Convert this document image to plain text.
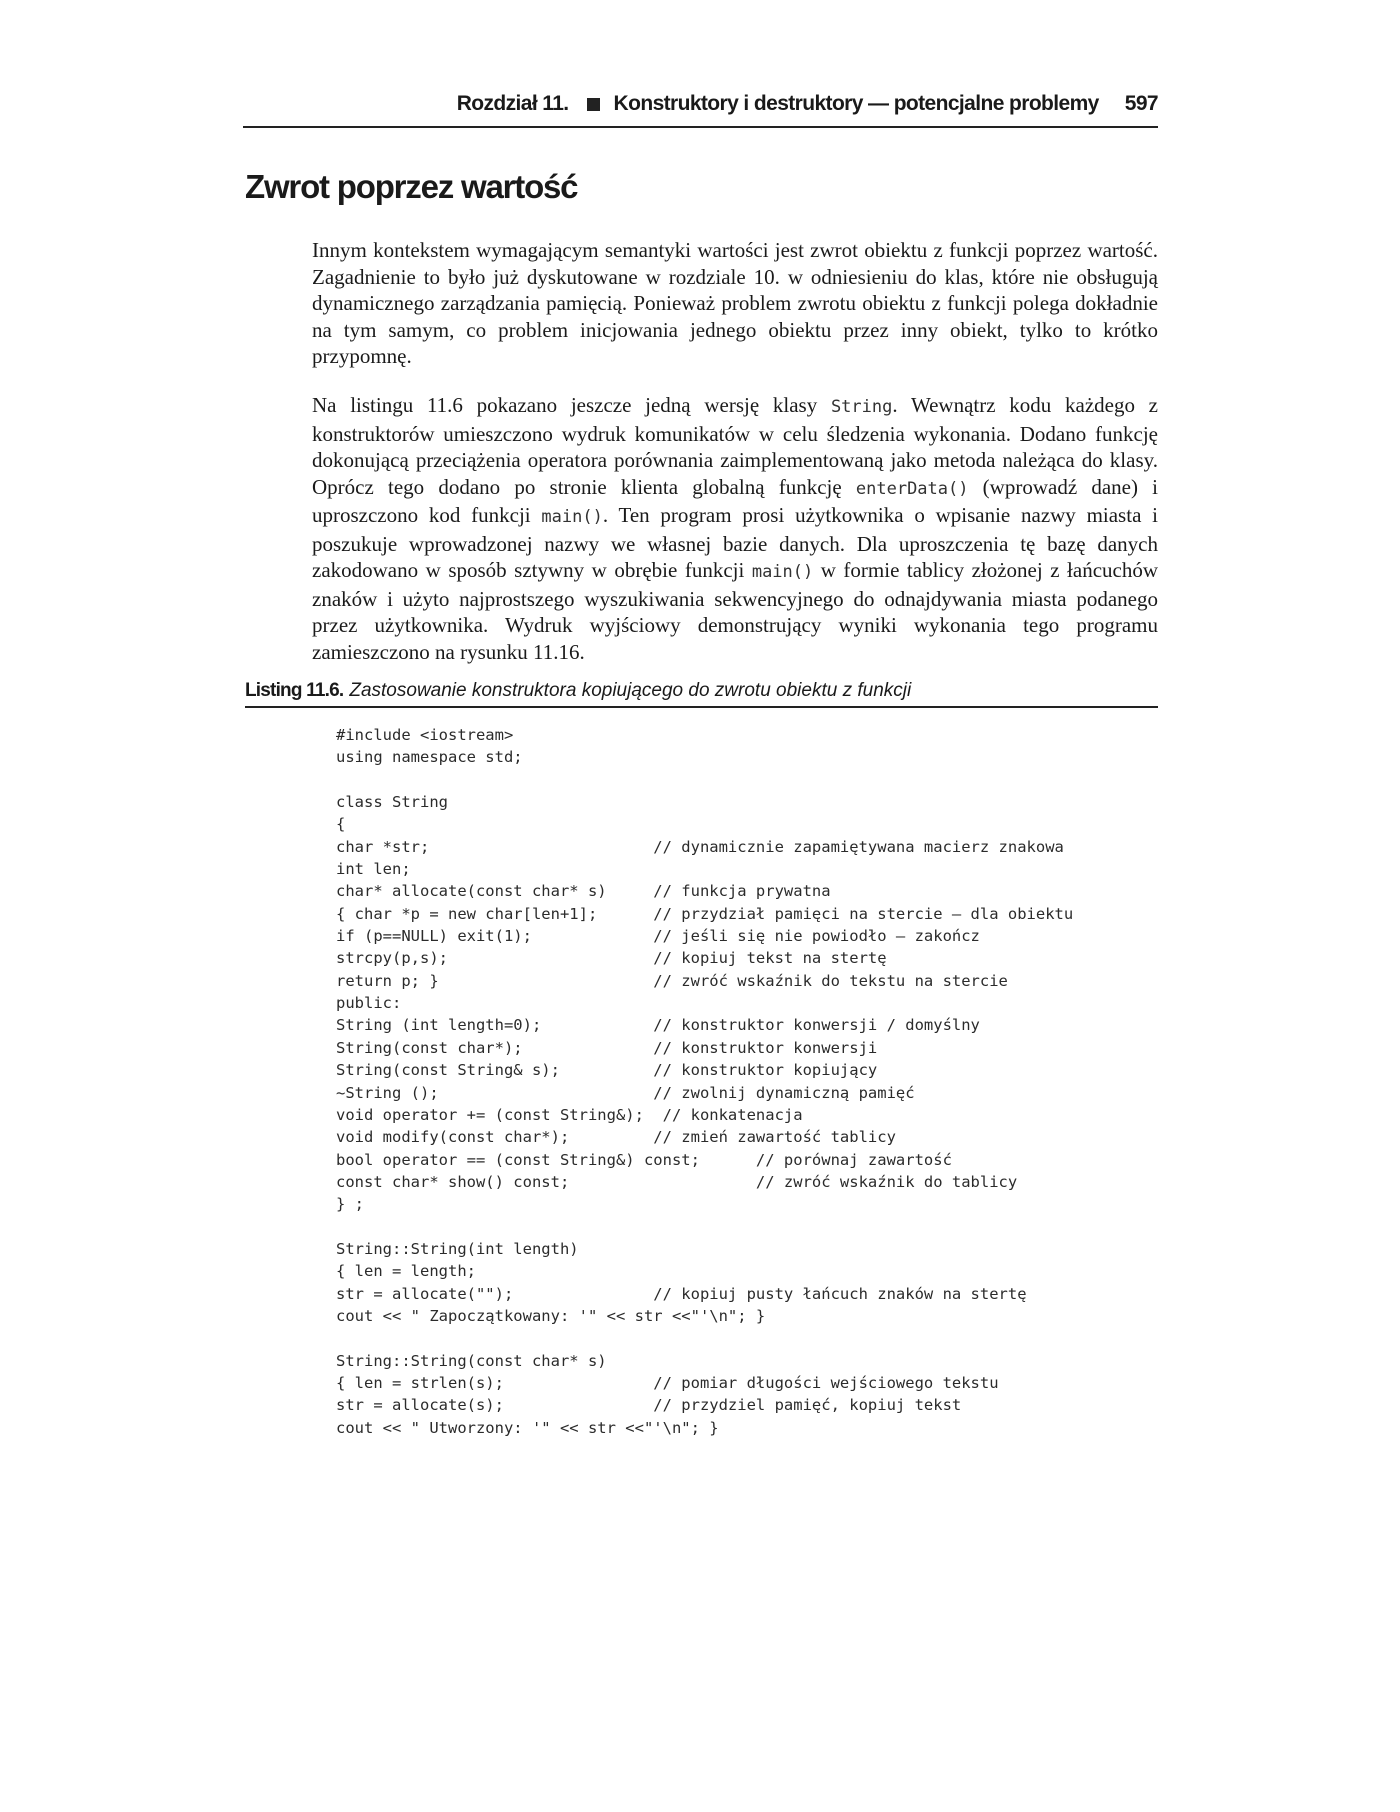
Rozdział 11. Konstruktory i destruktory — potencjalne problemy 597
Zwrot poprzez wartość

Innym kontekstem wymagającym semantyki wartości jest zwrot obiektu z funkcji poprzez wartość. Zagadnienie to było już dyskutowane w rozdziale 10. w odniesieniu do klas, które nie obsługują dynamicznego zarządzania pamięcią. Ponieważ problem zwrotu obiektu z funkcji polega dokładnie na tym samym, co problem inicjowania jednego obiektu przez inny obiekt, tylko to krótko przypomnę.

Na listingu 11.6 pokazano jeszcze jedną wersję klasy String. Wewnątrz kodu każdego z konstruktorów umieszczono wydruk komunikatów w celu śledzenia wykonania. Dodano funkcję dokonującą przeciążenia operatora porównania zaimplementowaną jako metoda należąca do klasy. Oprócz tego dodano po stronie klienta globalną funkcję enterData() (wprowadź dane) i uproszczono kod funkcji main(). Ten program prosi użytkownika o wpisanie nazwy miasta i poszukuje wprowadzonej nazwy we własnej bazie danych. Dla uproszczenia tę bazę danych zakodowano w sposób sztywny w obrębie funkcji main() w formie tablicy złożonej z łańcuchów znaków i użyto najprostszego wyszukiwania sekwencyjnego do odnajdywania miasta podanego przez użytkownika. Wydruk wyjściowy demonstrujący wyniki wykonania tego programu zamieszczono na rysunku 11.16.

Listing 11.6. Zastosowanie konstruktora kopiującego do zwrotu obiektu z funkcji
#include <iostream>
using namespace std;

class String
{
char *str;                        // dynamicznie zapamiętywana macierz znakowa
int len;
char* allocate(const char* s)     // funkcja prywatna
{ char *p = new char[len+1];      // przydział pamięci na stercie — dla obiektu
if (p==NULL) exit(1);             // jeśli się nie powiodło — zakończ
strcpy(p,s);                      // kopiuj tekst na stertę
return p; }                       // zwróć wskaźnik do tekstu na stercie
public:
String (int length=0);            // konstruktor konwersji / domyślny
String(const char*);              // konstruktor konwersji
String(const String& s);          // konstruktor kopiujący
~String ();                       // zwolnij dynamiczną pamięć
void operator += (const String&);  // konkatenacja
void modify(const char*);         // zmień zawartość tablicy
bool operator == (const String&) const;      // porównaj zawartość
const char* show() const;                    // zwróć wskaźnik do tablicy
} ;

String::String(int length)
{ len = length;
str = allocate("");               // kopiuj pusty łańcuch znaków na stertę
cout << " Zapoczątkowany: '" << str <<"'\n"; }

String::String(const char* s)
{ len = strlen(s);                // pomiar długości wejściowego tekstu
str = allocate(s);                // przydziel pamięć, kopiuj tekst
cout << " Utworzony: '" << str <<"'\n"; }
